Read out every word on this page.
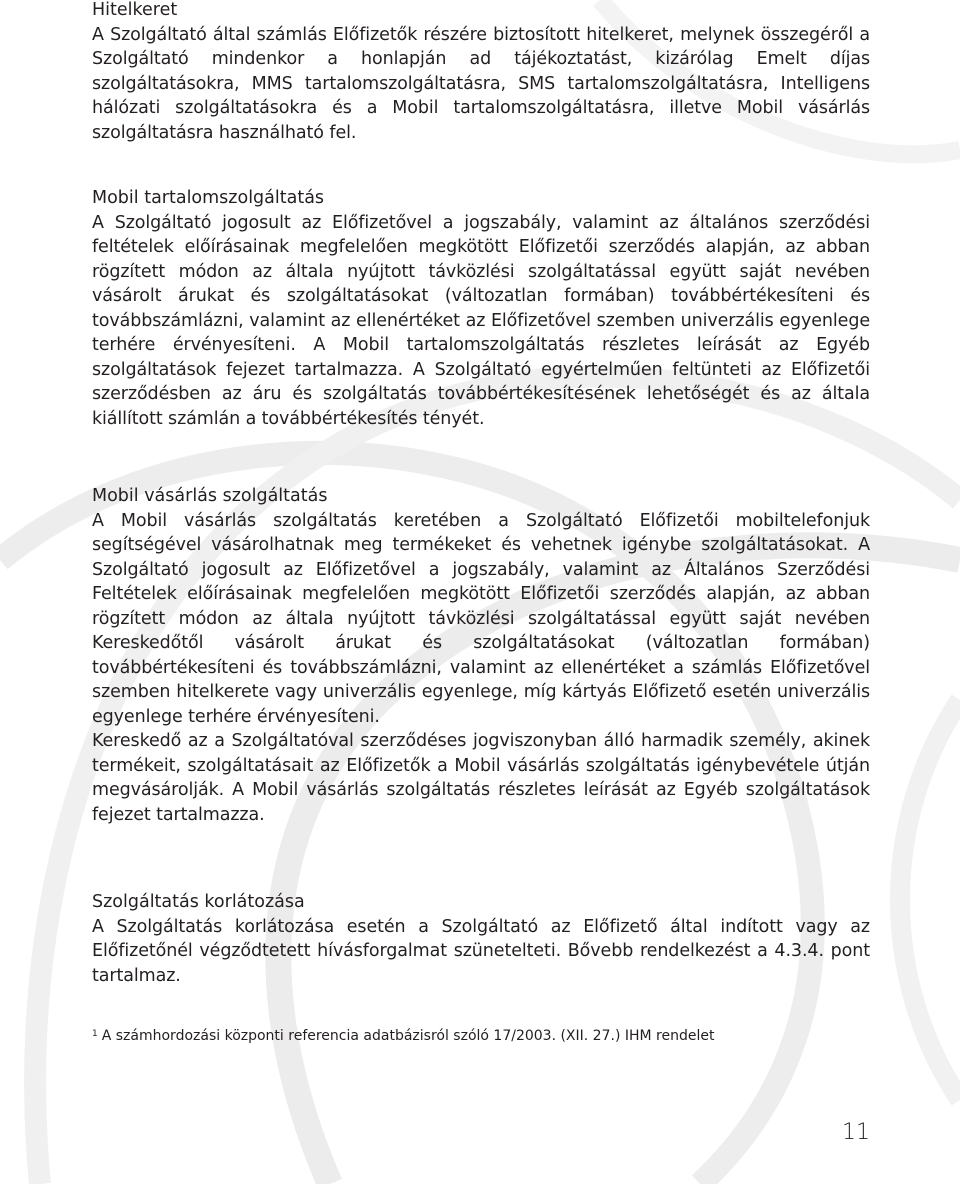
Hitelkeret

A Szolgáltató által számlás Előfizetők részére biztosított hitelkeret, melynek összegéről a Szolgáltató mindenkor a honlapján ad tájékoztatást, kizárólag Emelt díjas szolgáltatásokra, MMS tartalomszolgáltatásra, SMS tartalomszolgáltatásra, Intelligens hálózati szolgáltatásokra és a Mobil tartalomszolgáltatásra, illetve Mobil vásárlás szolgáltatásra használható fel.

Mobil tartalomszolgáltatás

A Szolgáltató jogosult az Előfizetővel a jogszabály, valamint az általános szerződési feltételek előírásainak megfelelően megkötött Előfizetői szerződés alapján, az abban rögzített módon az általa nyújtott távközlési szolgáltatással együtt saját nevében vásárolt árukat és szolgáltatásokat (változatlan formában) továbbértékesíteni és továbbszámlázni, valamint az ellenértéket az Előfizetővel szemben univerzális egyenlege terhére érvényesíteni. A Mobil tartalomszolgáltatás részletes leírását az Egyéb szolgáltatások fejezet tartalmazza. A Szolgáltató egyértelműen feltünteti az Előfizetői szerződésben az áru és szolgáltatás továbbértékesítésének lehetőségét és az általa kiállított számlán a továbbértékesítés tényét.

Mobil vásárlás szolgáltatás

A Mobil vásárlás szolgáltatás keretében a Szolgáltató Előfizetői mobiltelefonjuk segítségével vásárolhatnak meg termékeket és vehetnek igénybe szolgáltatásokat. A Szolgáltató jogosult az Előfizetővel a jogszabály, valamint az Általános Szerződési Feltételek előírásainak megfelelően megkötött Előfizetői szerződés alapján, az abban rögzített módon az általa nyújtott távközlési szolgáltatással együtt saját nevében Kereskedőtől vásárolt árukat és szolgáltatásokat (változatlan formában) továbbértékesíteni és továbbszámlázni, valamint az ellenértéket a számlás Előfizetővel szemben hitelkerete vagy univerzális egyenlege, míg kártyás Előfizető esetén univerzális egyenlege terhére érvényesíteni.

Kereskedő az a Szolgáltatóval szerződéses jogviszonyban álló harmadik személy, akinek termékeit, szolgáltatásait az Előfizetők a Mobil vásárlás szolgáltatás igénybevétele útján megvásárolják. A Mobil vásárlás szolgáltatás részletes leírását az Egyéb szolgáltatások fejezet tartalmazza.

Szolgáltatás korlátozása

A Szolgáltatás korlátozása esetén a Szolgáltató az Előfizető által indított vagy az Előfizetőnél végződtetett hívásforgalmat szünetelteti. Bővebb rendelkezést a 4.3.4. pont tartalmaz.

$^1$ A számhordozási központi referencia adatbázisról szóló 17/2003. (XII. 27.) IHM rendelet
11
